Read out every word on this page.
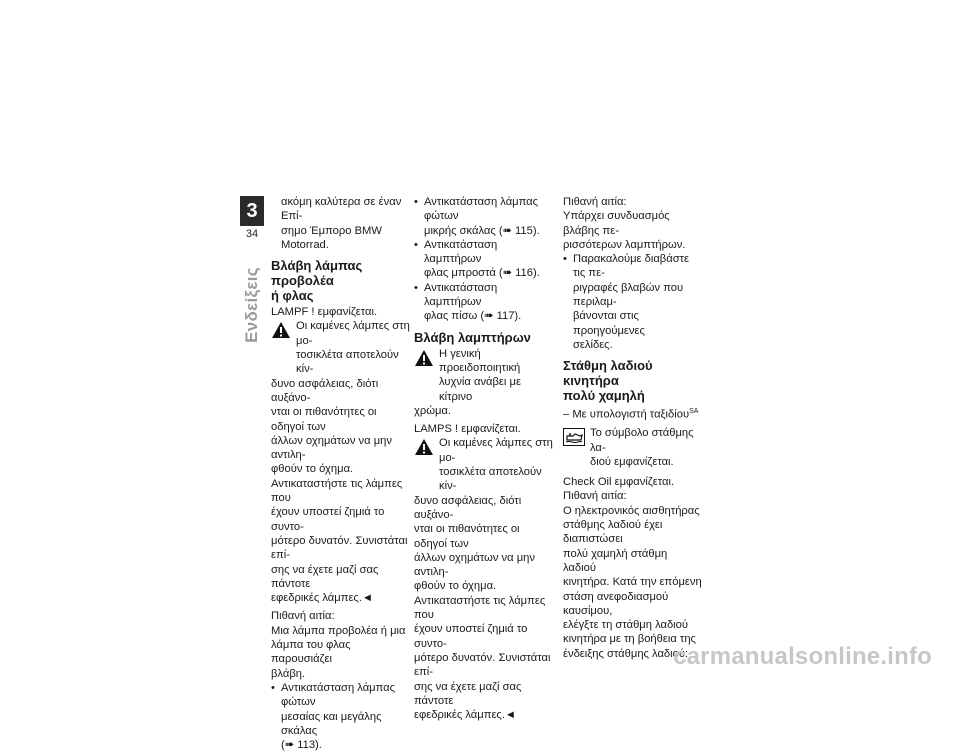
3
34
Ενδείξεις
ακόμη καλύτερα σε έναν Επί-
σημο Έμπορο BMW Motorrad.
Βλάβη λάμπας προβολέα
ή φλας
LAMPF ! εμφανίζεται.
Οι καμένες λάμπες στη μο-
τοσικλέτα αποτελούν κίν-
δυνο ασφάλειας, διότι αυξάνο-
νται οι πιθανότητες οι οδηγοί των
άλλων οχημάτων να μην αντιλη-
φθούν το όχημα.
Αντικαταστήστε τις λάμπες που
έχουν υποστεί ζημιά το συντο-
μότερο δυνατόν. Συνιστάται επί-
σης να έχετε μαζί σας πάντοτε
εφεδρικές λάμπες.◄
Πιθανή αιτία:
Μια λάμπα προβολέα ή μια
λάμπα του φλας παρουσιάζει
βλάβη.
• Αντικατάσταση λάμπας φώτων
μεσαίας και μεγάλης σκάλας
(➠ 113).
• Αντικατάσταση λάμπας φώτων
μικρής σκάλας (➠ 115).
• Αντικατάσταση λαμπτήρων
φλας μπροστά (➠ 116).
• Αντικατάσταση λαμπτήρων
φλας πίσω (➠ 117).
Βλάβη λαμπτήρων
Η γενική προειδοποιητική
λυχνία ανάβει με κίτρινο
χρώμα.
LAMPS ! εμφανίζεται.
Οι καμένες λάμπες στη μο-
τοσικλέτα αποτελούν κίν-
δυνο ασφάλειας, διότι αυξάνο-
νται οι πιθανότητες οι οδηγοί των
άλλων οχημάτων να μην αντιλη-
φθούν το όχημα.
Αντικαταστήστε τις λάμπες που
έχουν υποστεί ζημιά το συντο-
μότερο δυνατόν. Συνιστάται επί-
σης να έχετε μαζί σας πάντοτε
εφεδρικές λάμπες.◄
Πιθανή αιτία:
Υπάρχει συνδυασμός βλάβης πε-
ρισσότερων λαμπτήρων.
• Παρακαλούμε διαβάστε τις πε-
ριγραφές βλαβών που περιλαμ-
βάνονται στις προηγούμενες
σελίδες.
Στάθμη λαδιού κινητήρα
πολύ χαμηλή
– Με υπολογιστή ταξιδίου$^{SA}$
Το σύμβολο στάθμης λα-
διού εμφανίζεται.
Check Oil εμφανίζεται.
Πιθανή αιτία:
Ο ηλεκτρονικός αισθητήρας
στάθμης λαδιού έχει διαπιστώσει
πολύ χαμηλή στάθμη λαδιού
κινητήρα. Κατά την επόμενη
στάση ανεφοδιασμού καυσίμου,
ελέγξτε τη στάθμη λαδιού
κινητήρα με τη βοήθεια της
ένδειξης στάθμης λαδιού:
carmanualsonline.info
